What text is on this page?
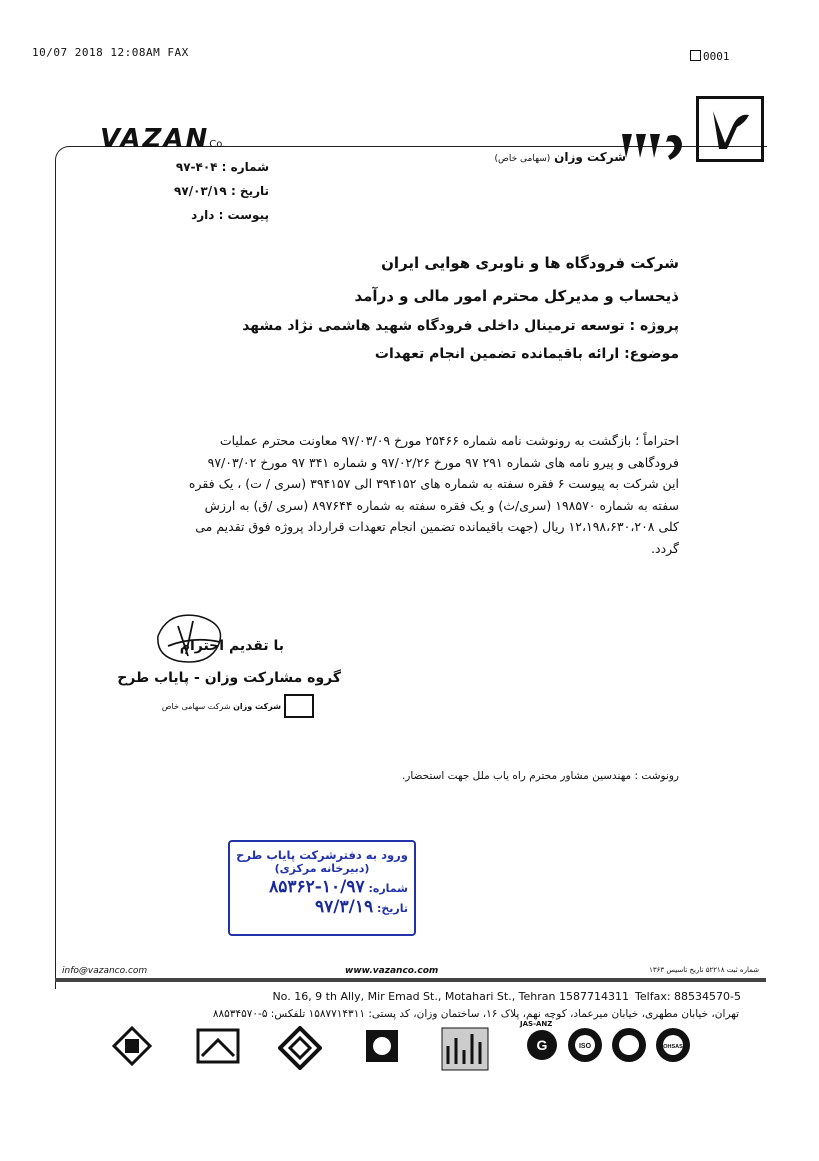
10/07 2018 12:08AM FAX	0001
VAZANCo.
شرکت وزان (سهامی خاص)
شماره : ۴۰۴-۹۷
تاریخ : ۹۷/۰۳/۱۹
پیوست : دارد
شرکت فرودگاه ها و ناوبری هوایی ایران
ذیحساب و مدیرکل محترم امور مالی و درآمد
پروژه : توسعه ترمینال داخلی فرودگاه شهید هاشمی نژاد مشهد
موضوع: ارائه باقیمانده تضمین انجام تعهدات
احتراماً ؛ بازگشت به رونوشت نامه شماره ۲۵۴۶۶ مورخ ۹۷/۰۳/۰۹ معاونت محترم عملیات
فرودگاهی و پیرو نامه های شماره ۲۹۱ ۹۷ مورخ ۹۷/۰۲/۲۶ و شماره ۳۴۱ ۹۷ مورخ ۹۷/۰۳/۰۲
این شرکت به پیوست ۶ فقره سفته به شماره های ۳۹۴۱۵۲ الی ۳۹۴۱۵۷ (سری / ت) ، یک فقره
سفته به شماره ۱۹۸۵۷۰ (سری/ث) و یک فقره سفته به شماره ۸۹۷۶۴۴ (سری /ق) به ارزش
کلی ۱۲،۱۹۸،۶۳۰،۲۰۸ ریال (جهت باقیمانده تضمین انجام تعهدات قرارداد پروژه فوق تقدیم می
گردد.
با تقدیم احترام
گروه مشارکت وزان - پایاب طرح
شرکت وزان شرکت سهامی خاص
رونوشت : مهندسین مشاور محترم راه یاب ملل جهت استحضار.
ورود به دفترشرکت پایاب طرح
(دبیرخانه مرکزی)
شماره: ۱۰/۹۷-۸۵۳۶۲
تاریخ: ۹۷/۳/۱۹
info@vazanco.com	www.vazanco.com	شماره ثبت ۵۲۲۱۸ تاریخ تاسیس ۱۳۶۳
No. 16, 9 th Ally, Mir Emad St., Motahari St., Tehran 1587714311 Telfax: 88534570-5
تهران، خیابان مطهری، خیابان میرعماد، کوچه نهم، پلاک ۱۶، ساختمان وزان، کد پستی: ۱۵۸۷۷۱۴۳۱۱ تلفکس: ۵-۸۸۵۳۴۵۷۰
JAS-ANZ
G	ISO	OHSAS
